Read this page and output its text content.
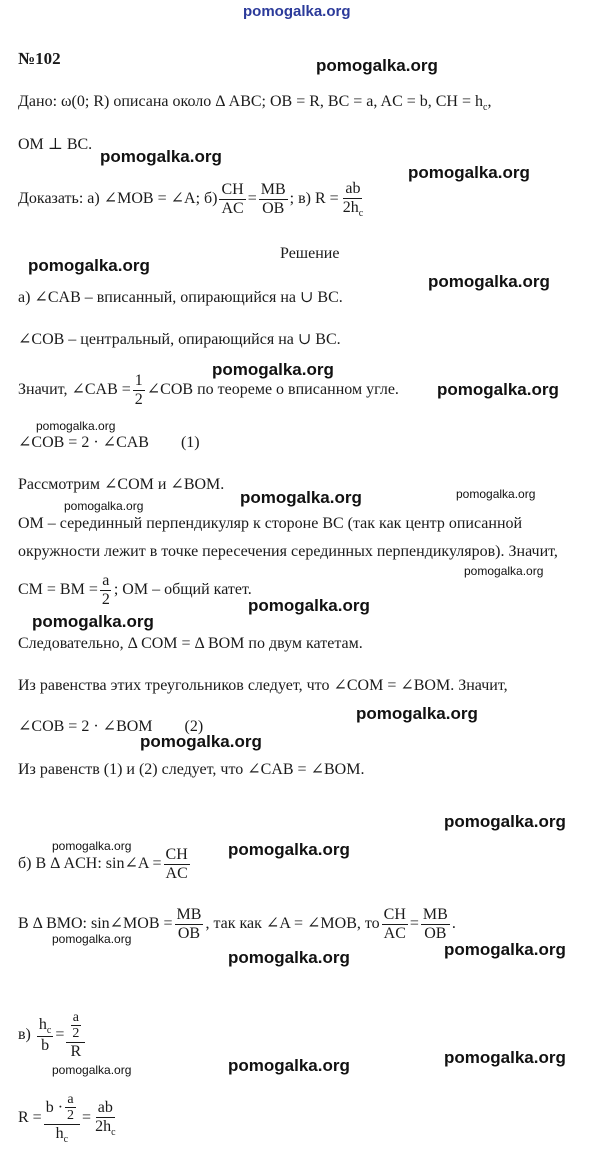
pomogalka.org
№102
Дано: ω(0; R) описана около Δ ABC; OB = R, BC = a, AC = b, CH = $h_c$,
OM ⊥ BC.
Доказать: а) ∠MOB = ∠A; $б) \frac{CH}{AC} = \frac{MB}{OB}$ ; в) $R = \frac{ab}{2h_c}$
Решение
а) ∠CAB – вписанный, опирающийся на ∪ BC.
∠COB – центральный, опирающийся на ∪ BC.
Значит, ∠CAB = $\frac{1}{2}$ ∠COB по теореме о вписанном угле.
∠COB = 2 · ∠CAB        (1)
Рассмотрим ∠COM и ∠BOM.
OM – серединный перпендикуляр к стороне BC (так как центр описанной
окружности лежит в точке пересечения серединных перпендикуляров). Значит,
CM = BM = $\frac{a}{2}$ ; OM – общий катет.
Следовательно, Δ COM = Δ BOM по двум катетам.
Из равенства этих треугольников следует, что ∠COM = ∠BOM. Значит,
∠COB = 2 · ∠BOM        (2)
Из равенств (1) и (2) следует, что ∠CAB = ∠BOM.
б) В Δ ACH: sin∠A = $\frac{CH}{AC}$
В Δ BMO: sin∠MOB = $\frac{MB}{OB}$ , так как ∠A = ∠MOB, то $\frac{CH}{AC} = \frac{MB}{OB}$ .
$в) \frac{h_c}{b} = \frac{\frac{a}{2}}{R}$
$R = \frac{b \cdot \frac{a}{2}}{h_c} = \frac{ab}{2h_c}$
pomogalka.org
pomogalka.org
pomogalka.org
pomogalka.org
pomogalka.org
pomogalka.org
pomogalka.org
pomogalka.org
pomogalka.org	pomogalka.org
pomogalka.org
pomogalka.org
pomogalka.org
pomogalka.org
pomogalka.org
pomogalka.org
pomogalka.org
pomogalka.org	pomogalka.org
pomogalka.org
pomogalka.org	pomogalka.org
pomogalka.org
pomogalka.org
pomogalka.org
